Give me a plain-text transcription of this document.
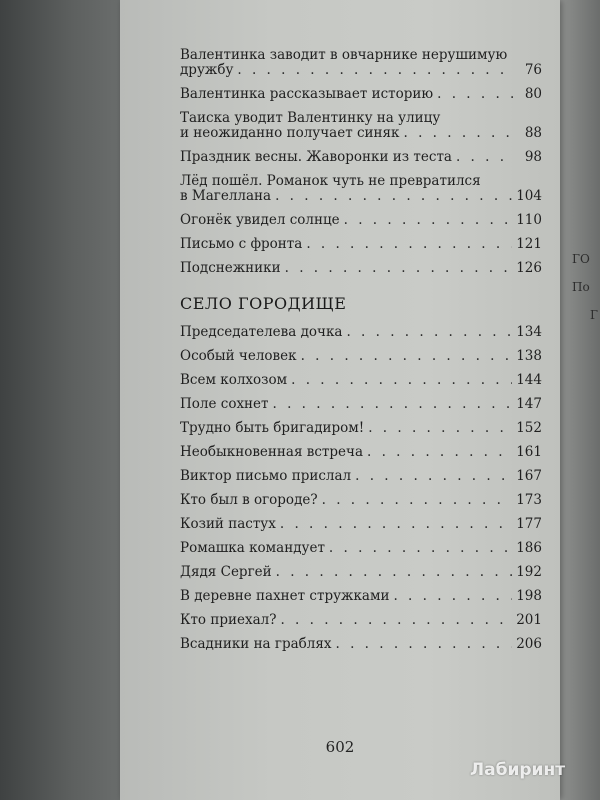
ГО
По
Г
Валентинка заводит в овчарнике нерушимую
дружбу . . .	76
Валентинка рассказывает историю . . .	80
Таиска уводит Валентинку на улицу
и неожиданно получает синяк . . .	88
Праздник весны. Жаворонки из теста . . .	98
Лёд пошёл. Романок чуть не превратился
в Магеллана . . .	104
Огонёк увидел солнце . . .	110
Письмо с фронта . . .	121
Подснежники . . .	126
СЕЛО ГОРОДИЩЕ
Председателева дочка . . .	134
Особый человек . . .	138
Всем колхозом . . .	144
Поле сохнет . . .	147
Трудно быть бригадиром! . . .	152
Необыкновенная встреча . . .	161
Виктор письмо прислал . . .	167
Кто был в огороде? . . .	173
Козий пастух . . .	177
Ромашка командует . . .	186
Дядя Сергей . . .	192
В деревне пахнет стружками . . .	198
Кто приехал? . . .	201
Всадники на граблях . . .	206
602
Лабиринт
